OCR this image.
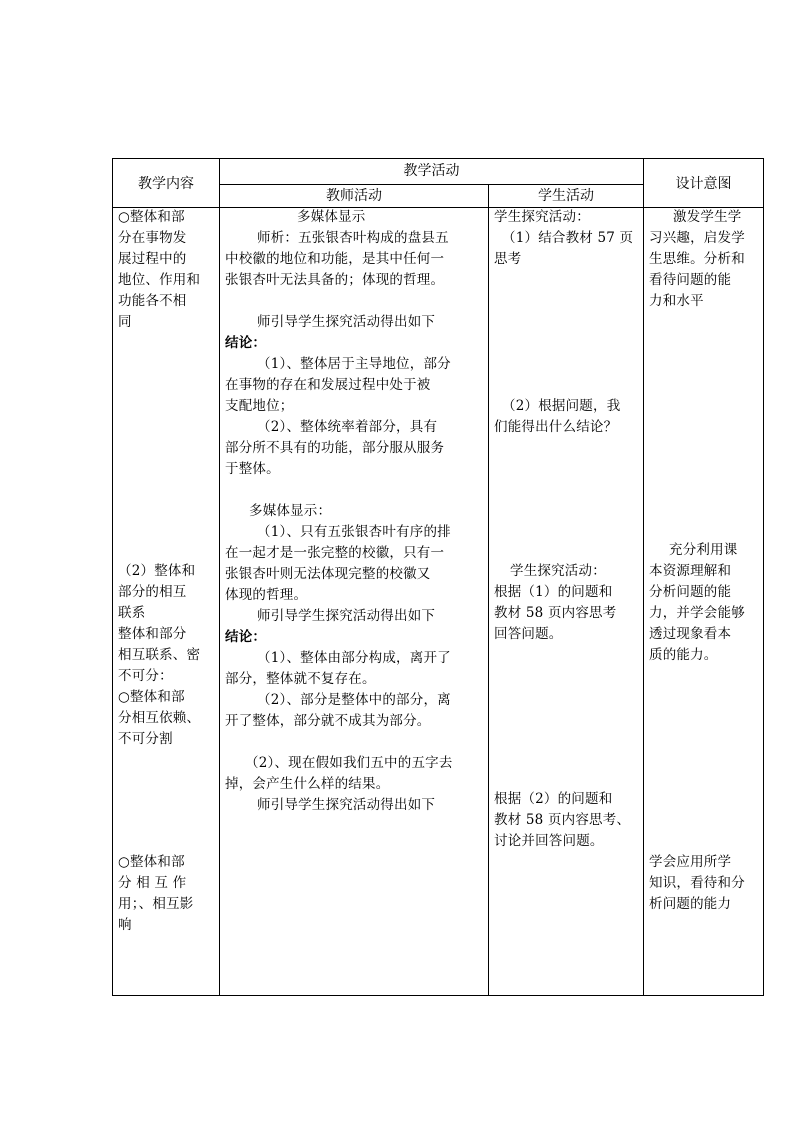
教学内容
教学活动
教师活动	学生活动
设计意图
○整体和部
分在事物发
展过程中的
地位、作用和
功能各不相
同
（2）整体和
部分的相互
联系
整体和部分
相互联系、密
不可分：
○整体和部
分相互依赖、
不可分割
○整体和部
分 相 互 作
用；、相互影
响
多媒体显示
师析：五张银杏叶构成的盘县五
中校徽的地位和功能，是其中任何一
张银杏叶无法具备的；体现的哲理。
师引导学生探究活动得出如下
结论：
（1）、整体居于主导地位，部分
在事物的存在和发展过程中处于被
支配地位；
（2）、整体统率着部分，具有
部分所不具有的功能，部分服从服务
于整体。
多媒体显示：
（1）、只有五张银杏叶有序的排
在一起才是一张完整的校徽，只有一
张银杏叶则无法体现完整的校徽又
体现的哲理。
师引导学生探究活动得出如下
结论：
（1）、整体由部分构成，离开了
部分，整体就不复存在。
（2）、部分是整体中的部分，离
开了整体，部分就不成其为部分。
（2）、现在假如我们五中的五字去
掉，会产生什么样的结果。
师引导学生探究活动得出如下
学生探究活动：
（1）结合教材 57 页
思考
（2）根据问题，我
们能得出什么结论？
学生探究活动：
根据（1）的问题和
教材 58 页内容思考
回答问题。
根据（2）的问题和
教材 58 页内容思考、
讨论并回答问题。
激发学生学
习兴趣，启发学
生思维。分析和
看待问题的能
力和水平
充分利用课
本资源理解和
分析问题的能
力，并学会能够
透过现象看本
质的能力。
学会应用所学
知识，看待和分
析问题的能力
